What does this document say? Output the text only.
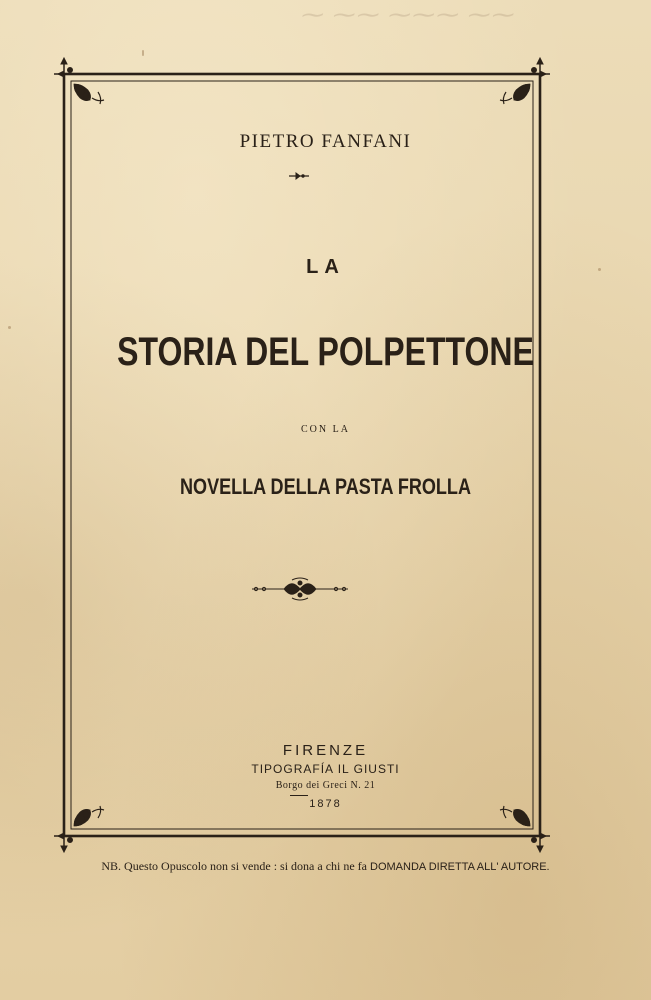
⁓ ⁓⁓ ⁓⁓⁓ ⁓⁓
PIETRO FANFANI
LA
STORIA DEL POLPETTONE
CON LA
NOVELLA DELLA PASTA FROLLA
FIRENZE
TIPOGRAFÍA IL GIUSTI
Borgo dei Greci N. 21
1878
NB. Questo Opuscolo non si vende : si dona a chi ne fa DOMANDA DIRETTA ALL' AUTORE.
